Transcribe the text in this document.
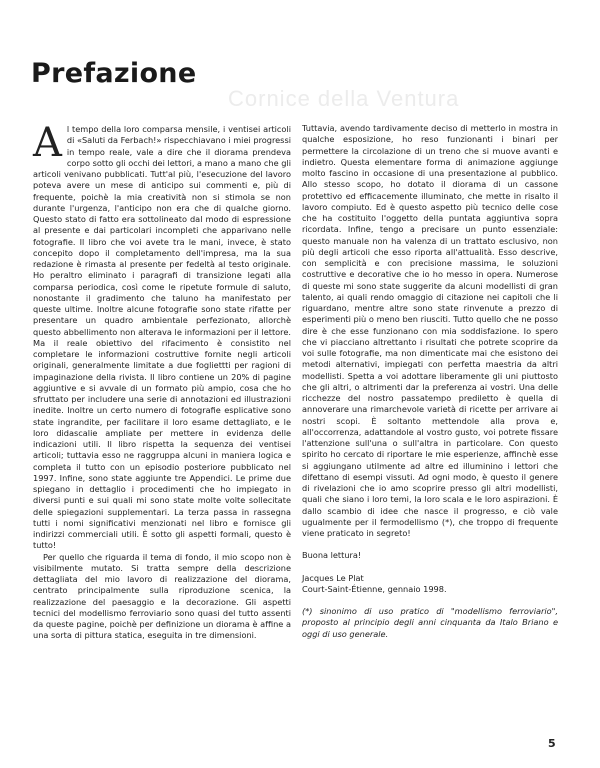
Cornice della Ventura
Prefazione

Al tempo della loro comparsa mensile, i ventisei articoli di «Saluti da Ferbach!» rispecchiavano i miei progressi in tempo reale, vale a dire che il diorama prendeva corpo sotto gli occhi dei lettori, a mano a mano che gli articoli venivano pubblicati. Tutt'al più, l'esecuzione del lavoro poteva avere un mese di anticipo sui commenti e, più di frequente, poichè la mia creatività non si stimola se non durante l'urgenza, l'anticipo non era che di qualche giorno. Questo stato di fatto era sottolineato dal modo di espressione al presente e dai particolari incompleti che apparivano nelle fotografie. Il libro che voi avete tra le mani, invece, è stato concepito dopo il completamento dell'impresa, ma la sua redazione è rimasta al presente per fedeltà al testo originale. Ho peraltro eliminato i paragrafi di transizione legati alla comparsa periodica, così come le ripetute formule di saluto, nonostante il gradimento che taluno ha manifestato per queste ultime. Inoltre alcune fotografie sono state rifatte per presentare un quadro ambientale perfezionato, allorchè questo abbellimento non alterava le informazioni per il lettore. Ma il reale obiettivo del rifacimento è consistito nel completare le informazioni costruttive fornite negli articoli originali, generalmente limitate a due fogliettti per ragioni di impaginazione della rivista. Il libro contiene un 20% di pagine aggiuntive e si avvale di un formato più ampio, cosa che ho sfruttato per includere una serie di annotazioni ed illustrazioni inedite. Inoltre un certo numero di fotografie esplicative sono state ingrandite, per facilitare il loro esame dettagliato, e le loro didascalie ampliate per mettere in evidenza delle indicazioni utili. Il libro rispetta la sequenza dei ventisei articoli; tuttavia esso ne raggruppa alcuni in maniera logica e completa il tutto con un episodio posteriore pubblicato nel 1997. Infine, sono state aggiunte tre Appendici. Le prime due spiegano in dettaglio i procedimenti che ho impiegato in diversi punti e sui quali mi sono state molte volte sollecitate delle spiegazioni supplementari. La terza passa in rassegna tutti i nomi significativi menzionati nel libro e fornisce gli indirizzi commerciali utili. È sotto gli aspetti formali, questo è tutto!

Per quello che riguarda il tema di fondo, il mio scopo non è visibilmente mutato. Si tratta sempre della descrizione dettagliata del mio lavoro di realizzazione del diorama, centrato principalmente sulla riproduzione scenica, la realizzazione del paesaggio e la decorazione. Gli aspetti tecnici del modellismo ferroviario sono quasi del tutto assenti da queste pagine, poichè per definizione un diorama è affine a una sorta di pittura statica, eseguita in tre dimensioni.

Tuttavia, avendo tardivamente deciso di metterlo in mostra in qualche esposizione, ho reso funzionanti i binari per permettere la circolazione di un treno che si muove avanti e indietro. Questa elementare forma di animazione aggiunge molto fascino in occasione di una presentazione al pubblico. Allo stesso scopo, ho dotato il diorama di un cassone protettivo ed efficacemente illuminato, che mette in risalto il lavoro compiuto. Ed è questo aspetto più tecnico delle cose che ha costituito l'oggetto della puntata aggiuntiva sopra ricordata. Infine, tengo a precisare un punto essenziale: questo manuale non ha valenza di un trattato esclusivo, non più degli articoli che esso riporta all'attualità. Esso descrive, con semplicità e con precisione massima, le soluzioni costruttive e decorative che io ho messo in opera. Numerose di queste mi sono state suggerite da alcuni modellisti di gran talento, ai quali rendo omaggio di citazione nei capitoli che li riguardano, mentre altre sono state rinvenute a prezzo di esperimenti più o meno ben riusciti. Tutto quello che ne posso dire è che esse funzionano con mia soddisfazione. Io spero che vi piacciano altrettanto i risultati che potrete scoprire da voi sulle fotografie, ma non dimenticate mai che esistono dei metodi alternativi, impiegati con perfetta maestria da altri modellisti. Spetta a voi adottare liberamente gli uni piuttosto che gli altri, o altrimenti dar la preferenza ai vostri. Una delle ricchezze del nostro passatempo prediletto è quella di annoverare una rimarchevole varietà di ricette per arrivare ai nostri scopi. È soltanto mettendole alla prova e, all'occorrenza, adattandole al vostro gusto, voi potrete fissare l'attenzione sull'una o sull'altra in particolare. Con questo spirito ho cercato di riportare le mie esperienze, affinchè esse si aggiungano utilmente ad altre ed illuminino i lettori che difettano di esempi vissuti. Ad ogni modo, è questo il genere di rivelazioni che io amo scoprire presso gli altri modellisti, quali che siano i loro temi, la loro scala e le loro aspirazioni. È dallo scambio di idee che nasce il progresso, e ciò vale ugualmente per il fermodellismo (*), che troppo di frequente viene praticato in segreto!

Buona lettura!

Jacques Le Plat

Court-Saint-Étienne, gennaio 1998.

(*) sinonimo di uso pratico di "modellismo ferroviario", proposto al principio degli anni cinquanta da Italo Briano e oggi di uso generale.

5
